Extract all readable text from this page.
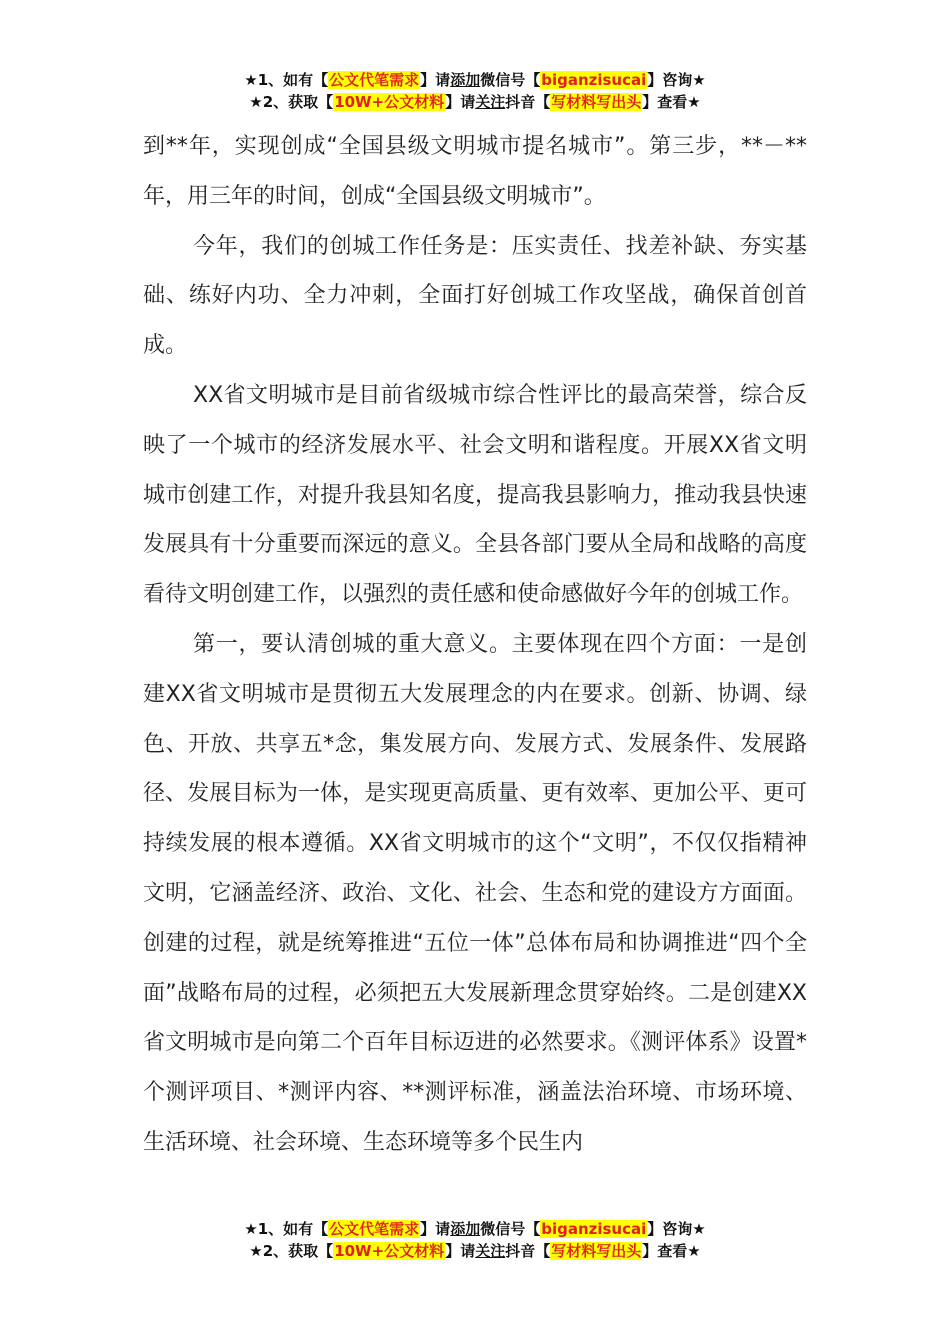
★1、如有【公文代笔需求】请添加微信号【biganzisucai】咨询★
★2、获取【10W+公文材料】请关注抖音【写材料写出头】查看★

到**年，实现创成“全国县级文明城市提名城市”。第三步，**－**年，用三年的时间，创成“全国县级文明城市”。

今年，我们的创城工作任务是：压实责任、找差补缺、夯实基础、练好内功、全力冲刺，全面打好创城工作攻坚战，确保首创首成。

XX省文明城市是目前省级城市综合性评比的最高荣誉，综合反映了一个城市的经济发展水平、社会文明和谐程度。开展XX省文明城市创建工作，对提升我县知名度，提高我县影响力，推动我县快速发展具有十分重要而深远的意义。全县各部门要从全局和战略的高度看待文明创建工作，以强烈的责任感和使命感做好今年的创城工作。

第一，要认清创城的重大意义。主要体现在四个方面：一是创建XX省文明城市是贯彻五大发展理念的内在要求。创新、协调、绿色、开放、共享五*念，集发展方向、发展方式、发展条件、发展路径、发展目标为一体，是实现更高质量、更有效率、更加公平、更可持续发展的根本遵循。XX省文明城市的这个“文明”，不仅仅指精神文明，它涵盖经济、政治、文化、社会、生态和党的建设方方面面。创建的过程，就是统筹推进“五位一体”总体布局和协调推进“四个全面”战略布局的过程，必须把五大发展新理念贯穿始终。二是创建XX省文明城市是向第二个百年目标迈进的必然要求。《测评体系》设置*个测评项目、*测评内容、**测评标准，涵盖法治环境、市场环境、生活环境、社会环境、生态环境等多个民生内

★1、如有【公文代笔需求】请添加微信号【biganzisucai】咨询★
★2、获取【10W+公文材料】请关注抖音【写材料写出头】查看★
